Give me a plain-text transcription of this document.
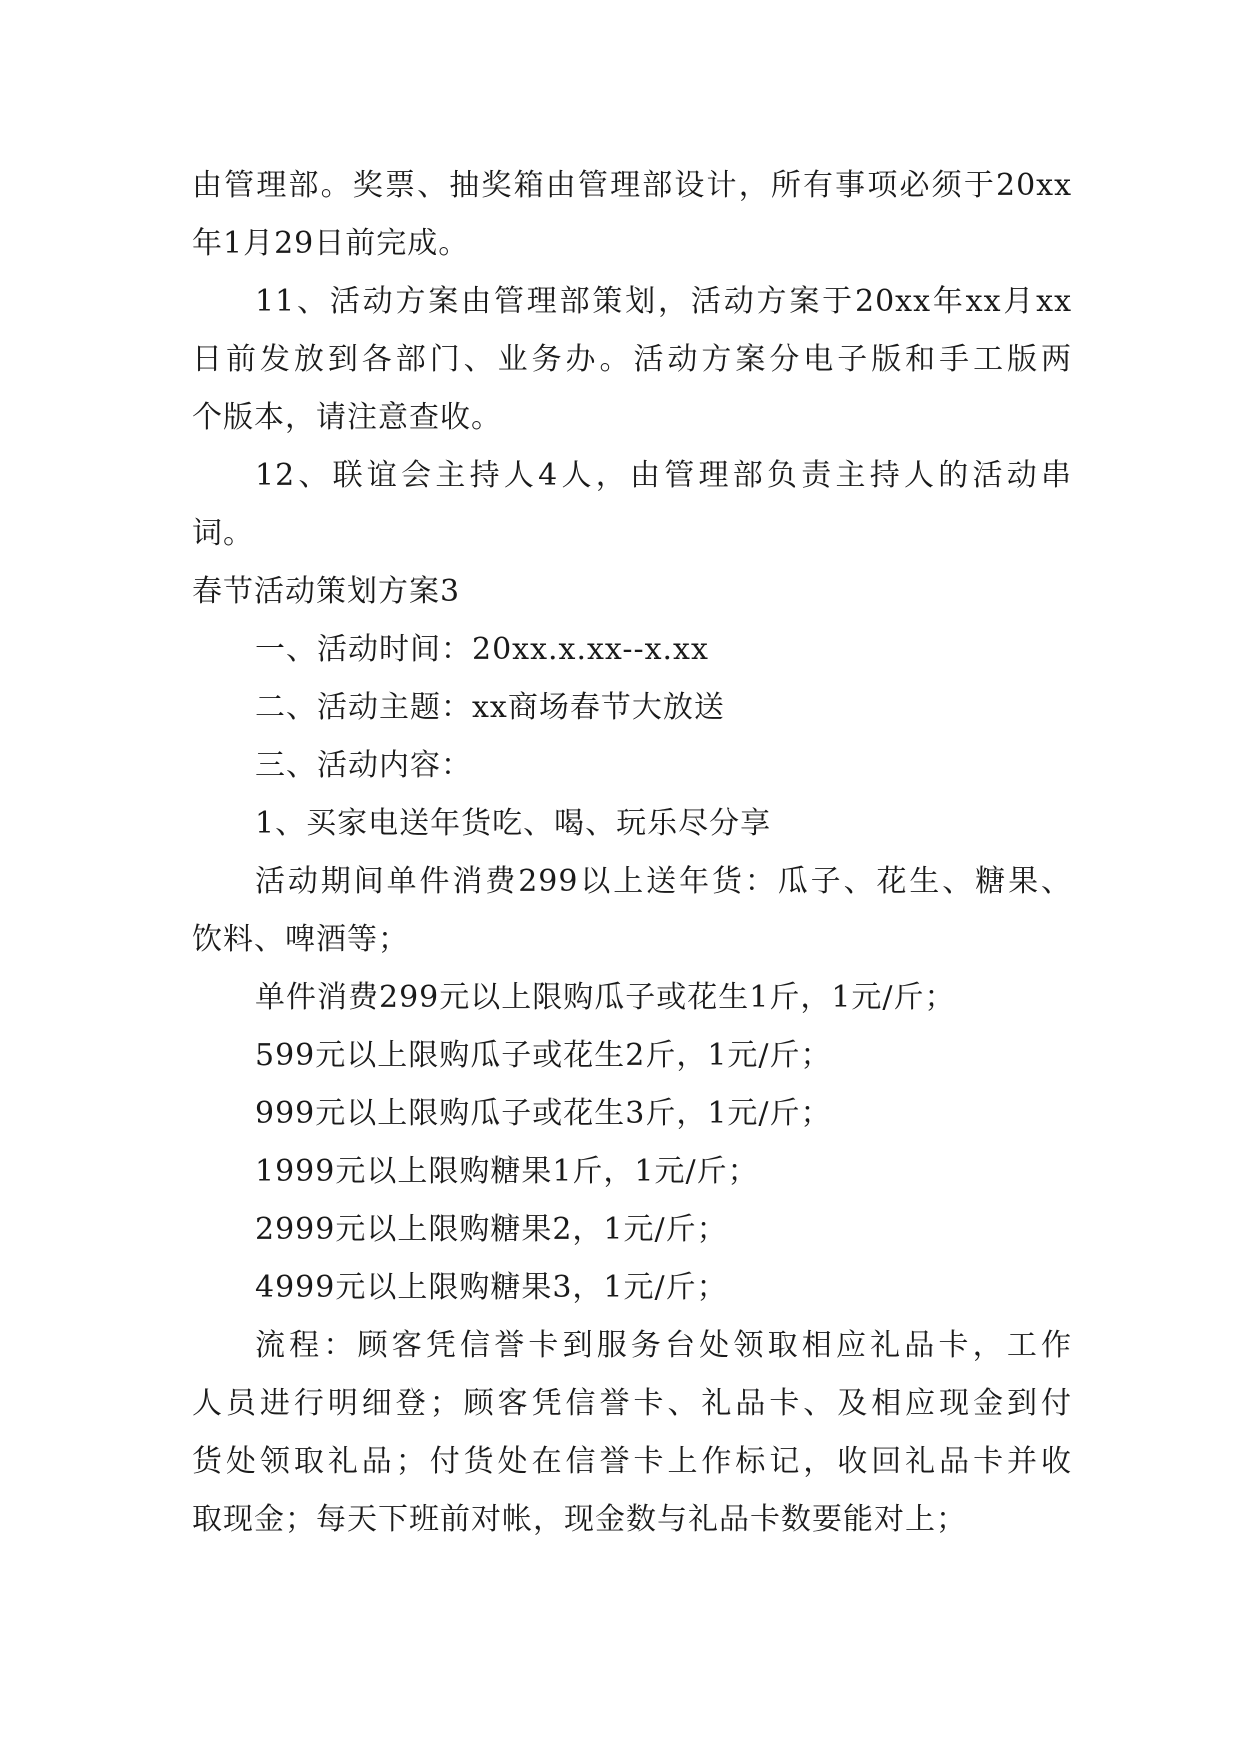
由管理部。奖票、抽奖箱由管理部设计，所有事项必须于20xx
年1月29日前完成。
11、活动方案由管理部策划，活动方案于20xx年xx月xx
日前发放到各部门、业务办。活动方案分电子版和手工版两
个版本，请注意查收。
12、联谊会主持人4人，由管理部负责主持人的活动串
词。
春节活动策划方案3
一、活动时间：20xx.x.xx--x.xx
二、活动主题：xx商场春节大放送
三、活动内容：
1、买家电送年货吃、喝、玩乐尽分享
活动期间单件消费299以上送年货：瓜子、花生、糖果、
饮料、啤酒等；
单件消费299元以上限购瓜子或花生1斤，1元/斤；
599元以上限购瓜子或花生2斤，1元/斤；
999元以上限购瓜子或花生3斤，1元/斤；
1999元以上限购糖果1斤，1元/斤；
2999元以上限购糖果2，1元/斤；
4999元以上限购糖果3，1元/斤；
流程：顾客凭信誉卡到服务台处领取相应礼品卡，工作
人员进行明细登；顾客凭信誉卡、礼品卡、及相应现金到付
货处领取礼品；付货处在信誉卡上作标记，收回礼品卡并收
取现金；每天下班前对帐，现金数与礼品卡数要能对上；
